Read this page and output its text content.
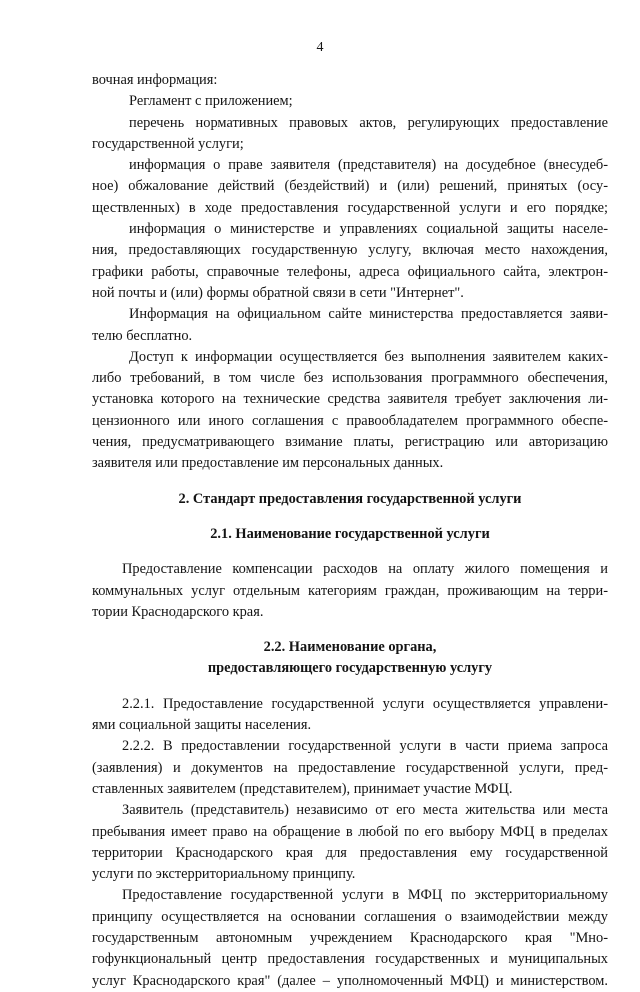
4
вочная информация:
Регламент с приложением;
перечень нормативных правовых актов, регулирующих предоставление
государственной услуги;
информация о праве заявителя (представителя) на досудебное (внесудеб-
ное) обжалование действий (бездействий) и (или) решений, принятых (осу-
ществленных) в ходе предоставления государственной услуги и его порядке;
информация о министерстве и управлениях социальной защиты населе-
ния, предоставляющих государственную услугу, включая место нахождения,
графики работы, справочные телефоны, адреса официального сайта, электрон-
ной почты и (или) формы обратной связи в сети "Интернет".
Информация на официальном сайте министерства предоставляется заяви-
телю бесплатно.
Доступ к информации осуществляется без выполнения заявителем каких-
либо требований, в том числе без использования программного обеспечения,
установка которого на технические средства заявителя требует заключения ли-
цензионного или иного соглашения с правообладателем программного обеспе-
чения, предусматривающего взимание платы, регистрацию или авторизацию
заявителя или предоставление им персональных данных.
2. Стандарт предоставления государственной услуги
2.1. Наименование государственной услуги
Предоставление компенсации расходов на оплату жилого помещения и
коммунальных услуг отдельным категориям граждан, проживающим на терри-
тории Краснодарского края.
2.2. Наименование органа,
предоставляющего государственную услугу
2.2.1. Предоставление государственной услуги осуществляется управлени-
ями социальной защиты населения.
2.2.2. В предоставлении государственной услуги в части приема запроса
(заявления) и документов на предоставление государственной услуги, пред-
ставленных заявителем (представителем), принимает участие МФЦ.
Заявитель (представитель) независимо от его места жительства или места
пребывания имеет право на обращение в любой по его выбору МФЦ в пределах
территории Краснодарского края для предоставления ему государственной
услуги по экстерриториальному принципу.
Предоставление государственной услуги в МФЦ по экстерриториальному
принципу осуществляется на основании соглашения о взаимодействии между
государственным автономным учреждением Краснодарского края "Мно-
гофункциональный центр предоставления государственных и муниципальных
услуг Краснодарского края" (далее – уполномоченный МФЦ) и министерством.
